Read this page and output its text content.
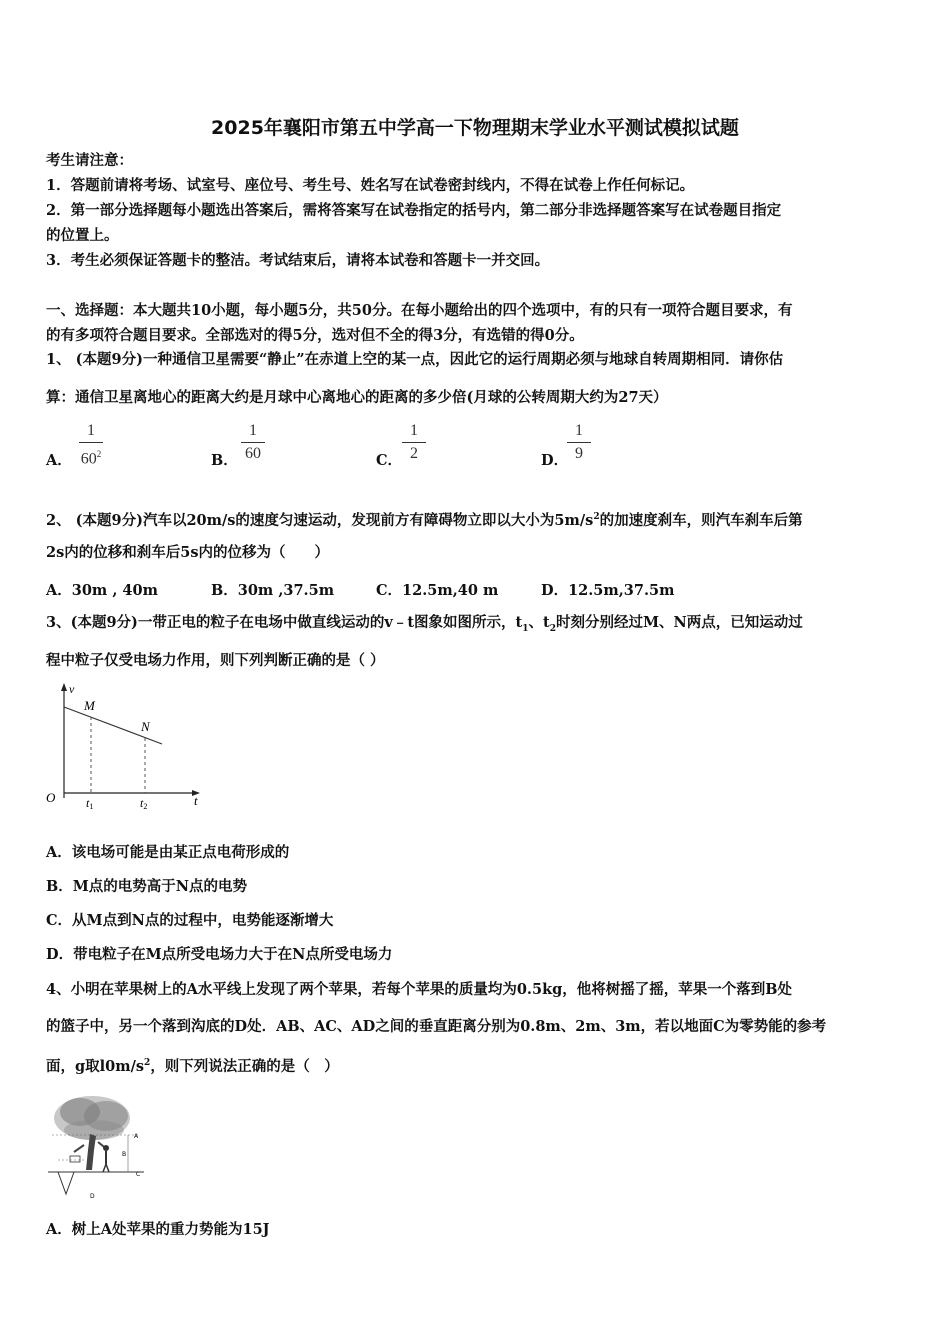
2025年襄阳市第五中学高一下物理期末学业水平测试模拟试题
考生请注意：
1．答题前请将考场、试室号、座位号、考生号、姓名写在试卷密封线内，不得在试卷上作任何标记。
2．第一部分选择题每小题选出答案后，需将答案写在试卷指定的括号内，第二部分非选择题答案写在试卷题目指定
的位置上。
3．考生必须保证答题卡的整洁。考试结束后，请将本试卷和答题卡一并交回。
一、选择题：本大题共10小题，每小题5分，共50分。在每小题给出的四个选项中，有的只有一项符合题目要求，有
的有多项符合题目要求。全部选对的得5分，选对但不全的得3分，有选错的得0分。
1、 (本题9分)一种通信卫星需要“静止”在赤道上空的某一点，因此它的运行周期必须与地球自转周期相同．请你估
算：通信卫星离地心的距离大约是月球中心离地心的距离的多少倍(月球的公转周期大约为27天）
A．
1
$60^2$	B．
1
60	C．
1
2	D．
1
9
2、 (本题9分)汽车以20m/s的速度匀速运动，发现前方有障碍物立即以大小为$5m/s^2$的加速度刹车，则汽车刹车后第
2s内的位移和刹车后5s内的位移为（　　）
A．30m , 40m	B．30m ,37.5m	C．12.5m,40 m	D．12.5m,37.5m
3、(本题9分)一带正电的粒子在电场中做直线运动的v﹣t图象如图所示，$t_1$、$t_2$时刻分别经过M、N两点，已知运动过
程中粒子仅受电场力作用，则下列判断正确的是（ ）
v
M
N
O	t
t1	t2
A．该电场可能是由某正点电荷形成的
B．M点的电势高于N点的电势
C．从M点到N点的过程中，电势能逐渐增大
D．带电粒子在M点所受电场力大于在N点所受电场力
4、小明在苹果树上的A水平线上发现了两个苹果，若每个苹果的质量均为0.5kg，他将树摇了摇，苹果一个落到B处
的篮子中，另一个落到沟底的D处．AB、AC、AD之间的垂直距离分别为0.8m、2m、3m，若以地面C为零势能的参考
面，g取$l0m/s^2$，则下列说法正确的是（　）
A
B
C
D
A．树上A处苹果的重力势能为15J
